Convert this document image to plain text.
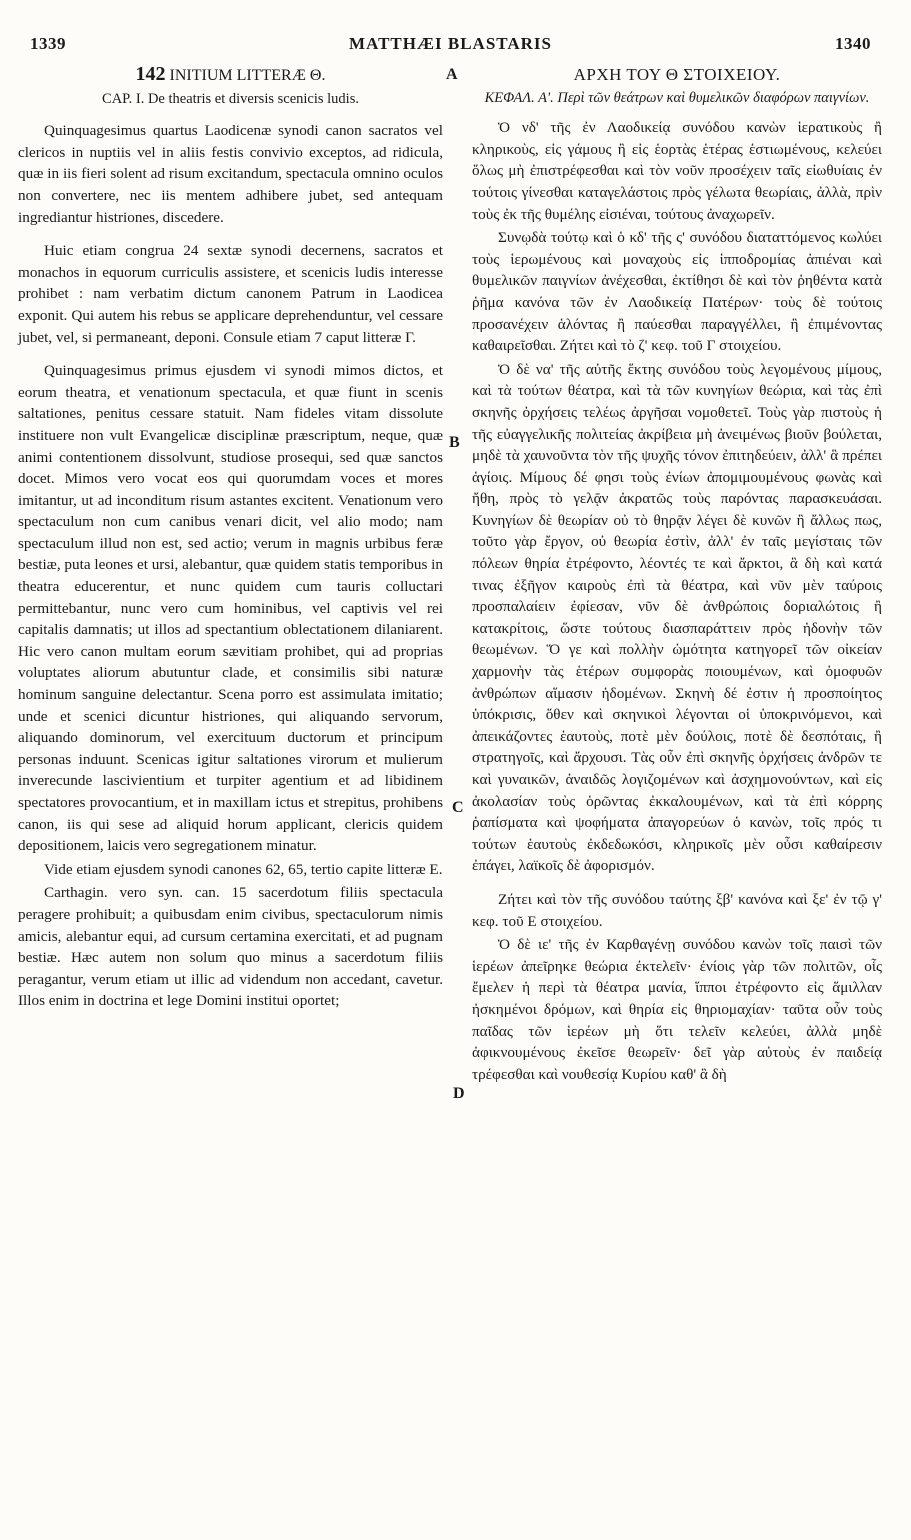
1339	MATTHÆI BLASTARIS	1340
142 INITIUM LITTERÆ Θ.
CAP. I. De theatris et diversis scenicis ludis.

Quinquagesimus quartus Laodicenæ synodi canon sacratos vel clericos in nuptiis vel in aliis festis convivio exceptos, ad ridicula, quæ in iis fieri solent ad risum excitandum, spectacula omnino oculos non convertere, nec iis mentem adhibere jubet, sed antequam ingrediantur histriones, discedere.

Huic etiam congrua 24 sextæ synodi decernens, sacratos et monachos in equorum curriculis assistere, et scenicis ludis interesse prohibet : nam verbatim dictum canonem Patrum in Laodicea exponit. Qui autem his rebus se applicare deprehenduntur, vel cessare jubet, vel, si permaneant, deponi. Consule etiam 7 caput litteræ Γ.

Quinquagesimus primus ejusdem vi synodi mimos dictos, et eorum theatra, et venationum spectacula, et quæ fiunt in scenis saltationes, penitus cessare statuit. Nam fideles vitam dissolute instituere non vult Evangelicæ disciplinæ præscriptum, neque, quæ animi contentionem dissolvunt, studiose prosequi, sed quæ sanctos docet. Mimos vero vocat eos qui quorumdam voces et mores imitantur, ut ad inconditum risum astantes excitent. Venationum vero spectaculum non cum canibus venari dicit, vel alio modo; nam spectaculum illud non est, sed actio; verum in magnis urbibus feræ bestiæ, puta leones et ursi, alebantur, quæ quidem statis temporibus in theatra educerentur, et nunc quidem cum tauris colluctari permittebantur, nunc vero cum hominibus, vel captivis vel rei capitalis damnatis; ut illos ad spectantium oblectationem dilaniarent. Hic vero canon multam eorum sævitiam prohibet, qui ad proprias voluptates aliorum abutuntur clade, et consimilis sibi naturæ hominum sanguine delectantur. Scena porro est assimulata imitatio; unde et scenici dicuntur histriones, qui aliquando servorum, aliquando dominorum, vel exercituum ductorum et principum personas induunt. Scenicas igitur saltationes virorum et mulierum inverecunde lascivientium et turpiter agentium et ad libidinem spectatores provocantium, et in maxillam ictus et strepitus, prohibens canon, iis qui sese ad aliquid horum applicant, clericis quidem depositionem, laicis vero segregationem minatur.

Vide etiam ejusdem synodi canones 62, 65, tertio capite litteræ E.

Carthagin. vero syn. can. 15 sacerdotum filiis spectacula peragere prohibuit; a quibusdam enim civibus, spectaculorum nimis amicis, alebantur equi, ad cursum certamina exercitati, et ad pugnam bestiæ. Hæc autem non solum quo minus a sacerdotum filiis peragantur, verum etiam ut illic ad videndum non accedant, cavetur. Illos enim in doctrina et lege Domini institui oportet;

A
B
C
D
ΑΡΧΗ ΤΟΥ Θ ΣΤΟΙΧΕΙΟΥ.
ΚΕΦΑΛ. Α'. Περὶ τῶν θεάτρων καὶ θυμελικῶν διαφόρων παιγνίων.

Ὁ νδ' τῆς ἐν Λαοδικείᾳ συνόδου κανὼν ἱερατικοὺς ἢ κληρικοὺς, εἰς γάμους ἢ εἰς ἑορτὰς ἑτέρας ἑστιωμένους, κελεύει ὅλως μὴ ἐπιστρέφεσθαι καὶ τὸν νοῦν προσέχειν ταῖς εἰωθυίαις ἐν τούτοις γίνεσθαι καταγελάστοις πρὸς γέλωτα θεωρίαις, ἀλλὰ, πρὶν τοὺς ἐκ τῆς θυμέλης εἰσιέναι, τούτους ἀναχωρεῖν.

Συνῳδὰ τούτῳ καὶ ὁ κδ' τῆς ς' συνόδου διαταττόμενος κωλύει τοὺς ἱερωμένους καὶ μοναχοὺς εἰς ἱπποδρομίας ἀπιέναι καὶ θυμελικῶν παιγνίων ἀνέχεσθαι, ἐκτίθησι δὲ καὶ τὸν ῥηθέντα κατὰ ῥῆμα κανόνα τῶν ἐν Λαοδικείᾳ Πατέρων· τοὺς δὲ τούτοις προσανέχειν ἁλόντας ἢ παύεσθαι παραγγέλλει, ἢ ἐπιμένοντας καθαιρεῖσθαι. Ζήτει καὶ τὸ ζ' κεφ. τοῦ Γ στοιχείου.

Ὁ δὲ να' τῆς αὐτῆς ἕκτης συνόδου τοὺς λεγομένους μίμους, καὶ τὰ τούτων θέατρα, καὶ τὰ τῶν κυνηγίων θεώρια, καὶ τὰς ἐπὶ σκηνῆς ὀρχήσεις τελέως ἀργῆσαι νομοθετεῖ. Τοὺς γὰρ πιστοὺς ἡ τῆς εὐαγγελικῆς πολιτείας ἀκρίβεια μὴ ἀνειμένως βιοῦν βούλεται, μηδὲ τὰ χαυνοῦντα τὸν τῆς ψυχῆς τόνον ἐπιτηδεύειν, ἀλλ' ἃ πρέπει ἁγίοις. Μίμους δέ φησι τοὺς ἐνίων ἀπομιμουμένους φωνὰς καὶ ἤθη, πρὸς τὸ γελᾷν ἀκρατῶς τοὺς παρόντας παρασκευάσαι. Κυνηγίων δὲ θεωρίαν οὐ τὸ θηρᾷν λέγει δὲ κυνῶν ἢ ἄλλως πως, τοῦτο γὰρ ἔργον, οὐ θεωρία ἐστὶν, ἀλλ' ἐν ταῖς μεγίσταις τῶν πόλεων θηρία ἐτρέφοντο, λέοντές τε καὶ ἄρκτοι, ἃ δὴ καὶ κατά τινας ἐξῆγον καιροὺς ἐπὶ τὰ θέατρα, καὶ νῦν μὲν ταύροις προσπαλαίειν ἐφίεσαν, νῦν δὲ ἀνθρώποις δοριαλώτοις ἢ κατακρίτοις, ὥστε τούτους διασπαράττειν πρὸς ἡδονὴν τῶν θεωμένων. Ὅ γε καὶ πολλὴν ὠμότητα κατηγορεῖ τῶν οἰκείαν χαρμονὴν τὰς ἑτέρων συμφορὰς ποιουμένων, καὶ ὁμοφυῶν ἀνθρώπων αἵμασιν ἡδομένων. Σκηνὴ δέ ἐστιν ἡ προσποίητος ὑπόκρισις, ὅθεν καὶ σκηνικοὶ λέγονται οἱ ὑποκρινόμενοι, καὶ ἀπεικάζοντες ἑαυτοὺς, ποτὲ μὲν δούλοις, ποτὲ δὲ δεσπόταις, ἢ στρατηγοῖς, καὶ ἄρχουσι. Τὰς οὖν ἐπὶ σκηνῆς ὀρχήσεις ἀνδρῶν τε καὶ γυναικῶν, ἀναιδῶς λογιζομένων καὶ ἀσχημονούντων, καὶ εἰς ἀκολασίαν τοὺς ὁρῶντας ἐκκαλουμένων, καὶ τὰ ἐπὶ κόρρης ῥαπίσματα καὶ ψοφήματα ἀπαγορεύων ὁ κανὼν, τοῖς πρός τι τούτων ἑαυτοὺς ἐκδεδωκόσι, κληρικοῖς μὲν οὖσι καθαίρεσιν ἐπάγει, λαϊκοῖς δὲ ἀφορισμόν.

Ζήτει καὶ τὸν τῆς συνόδου ταύτης ξβ' κανόνα καὶ ξε' ἐν τῷ γ' κεφ. τοῦ Ε στοιχείου.

Ὁ δὲ ιε' τῆς ἐν Καρθαγένῃ συνόδου κανὼν τοῖς παισὶ τῶν ἱερέων ἀπεῖρηκε θεώρια ἐκτελεῖν· ἐνίοις γὰρ τῶν πολιτῶν, οἷς ἔμελεν ἡ περὶ τὰ θέατρα μανία, ἵπποι ἐτρέφοντο εἰς ἅμιλλαν ἠσκημένοι δρόμων, καὶ θηρία εἰς θηριομαχίαν· ταῦτα οὖν τοὺς παῖδας τῶν ἱερέων μὴ ὅτι τελεῖν κελεύει, ἀλλὰ μηδὲ ἀφικνουμένους ἐκεῖσε θεωρεῖν· δεῖ γὰρ αὐτοὺς ἐν παιδείᾳ τρέφεσθαι καὶ νουθεσίᾳ Κυρίου καθ' ἃ δὴ
